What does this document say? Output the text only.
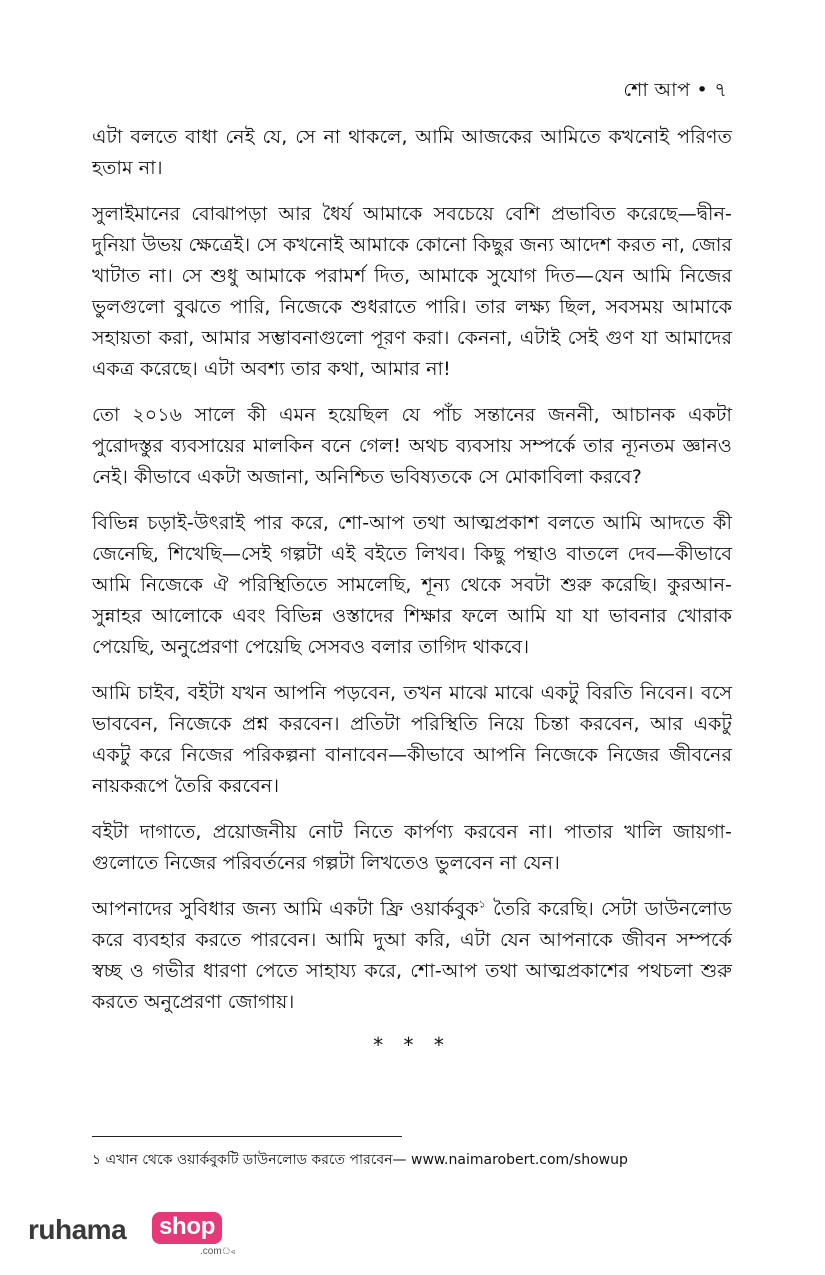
শো আপ • ৭

এটা বলতে বাধা নেই যে, সে না থাকলে, আমি আজকের আমিতে কখনোই পরিণত হতাম না।

সুলাইমানের বোঝাপড়া আর ধৈর্য আমাকে সবচেয়ে বেশি প্রভাবিত করেছে—দ্বীন-দুনিয়া উভয় ক্ষেত্রেই। সে কখনোই আমাকে কোনো কিছুর জন্য আদেশ করত না, জোর খাটাত না। সে শুধু আমাকে পরামর্শ দিত, আমাকে সুযোগ দিত—যেন আমি নিজের ভুলগুলো বুঝতে পারি, নিজেকে শুধরাতে পারি। তার লক্ষ্য ছিল, সবসময় আমাকে সহায়তা করা, আমার সম্ভাবনাগুলো পূরণ করা। কেননা, এটাই সেই গুণ যা আমাদের একত্র করেছে। এটা অবশ্য তার কথা, আমার না!

তো ২০১৬ সালে কী এমন হয়েছিল যে পাঁচ সন্তানের জননী, আচানক একটা পুরোদস্তুর ব্যবসায়ের মালকিন বনে গেল! অথচ ব্যবসায় সম্পর্কে তার ন্যূনতম জ্ঞানও নেই। কীভাবে একটা অজানা, অনিশ্চিত ভবিষ্যতকে সে মোকাবিলা করবে?

বিভিন্ন চড়াই-উৎরাই পার করে, শো-আপ তথা আত্মপ্রকাশ বলতে আমি আদতে কী জেনেছি, শিখেছি—সেই গল্পটা এই বইতে লিখব। কিছু পন্থাও বাতলে দেব—কীভাবে আমি নিজেকে ঐ পরিস্থিতিতে সামলেছি, শূন্য থেকে সবটা শুরু করেছি। কুরআন-সুন্নাহর আলোকে এবং বিভিন্ন ওস্তাদের শিক্ষার ফলে আমি যা যা ভাবনার খোরাক পেয়েছি, অনুপ্রেরণা পেয়েছি সেসবও বলার তাগিদ থাকবে।

আমি চাইব, বইটা যখন আপনি পড়বেন, তখন মাঝে মাঝে একটু বিরতি নিবেন। বসে ভাববেন, নিজেকে প্রশ্ন করবেন। প্রতিটা পরিস্থিতি নিয়ে চিন্তা করবেন, আর একটু একটু করে নিজের পরিকল্পনা বানাবেন—কীভাবে আপনি নিজেকে নিজের জীবনের নায়করূপে তৈরি করবেন।

বইটা দাগাতে, প্রয়োজনীয় নোট নিতে কার্পণ্য করবেন না। পাতার খালি জায়গা-গুলোতে নিজের পরিবর্তনের গল্পটা লিখতেও ভুলবেন না যেন।

আপনাদের সুবিধার জন্য আমি একটা ফ্রি ওয়ার্কবুক$^১$ তৈরি করেছি। সেটা ডাউনলোড করে ব্যবহার করতে পারবেন। আমি দুআ করি, এটা যেন আপনাকে জীবন সম্পর্কে স্বচ্ছ ও গভীর ধারণা পেতে সাহায্য করে, শো-আপ তথা আত্মপ্রকাশের পথচলা শুরু করতে অনুপ্রেরণা জোগায়।

* * *
১ এখান থেকে ওয়ার্কবুকটি ডাউনলোড করতে পারবেন— www.naimarobert.com/showup
ruhama shop
.com্ব
